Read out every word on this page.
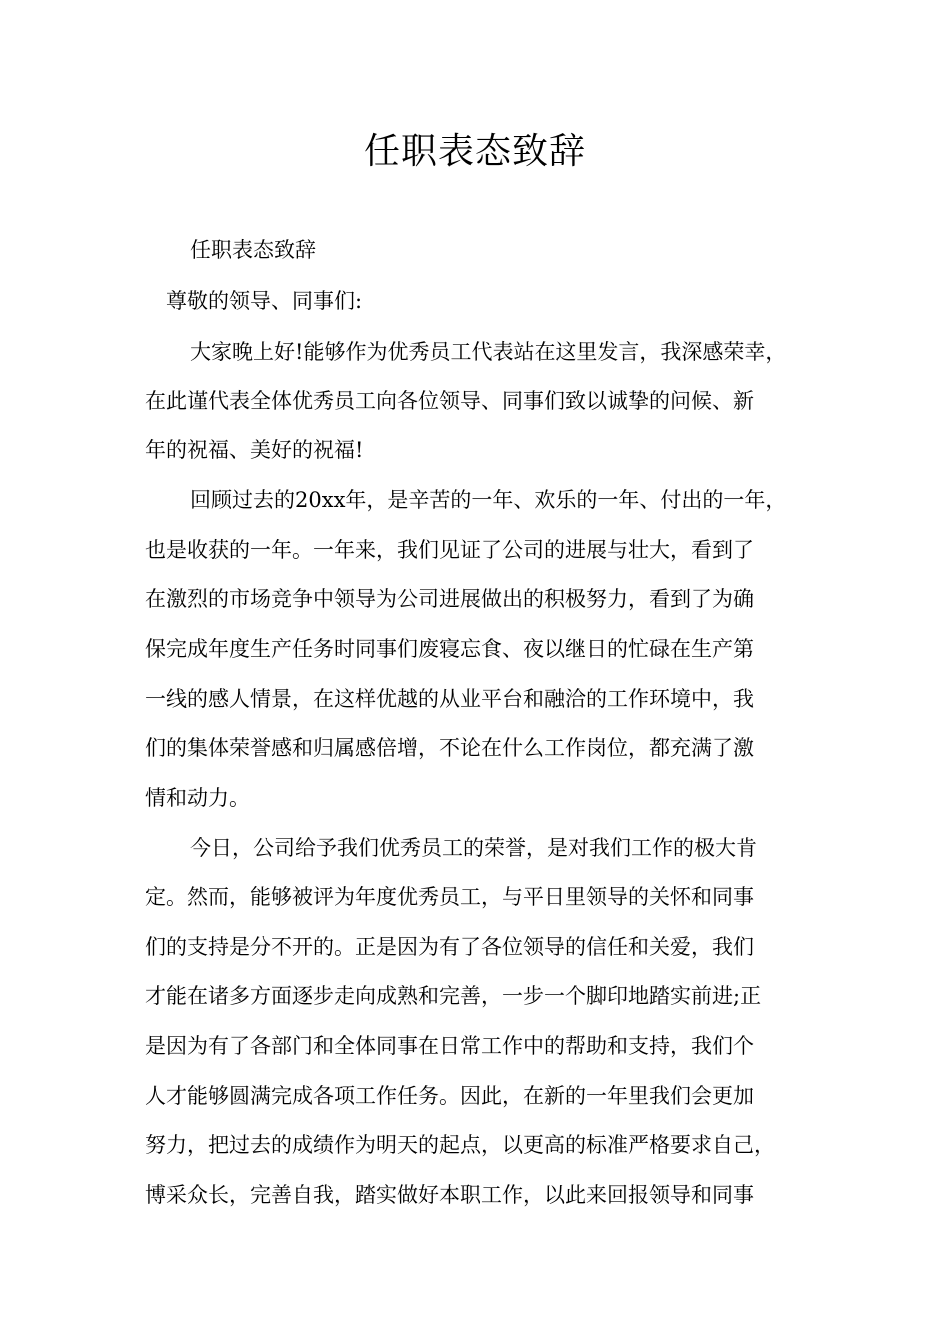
任职表态致辞
任职表态致辞
尊敬的领导、同事们:
大家晚上好!能够作为优秀员工代表站在这里发言，我深感荣幸，
在此谨代表全体优秀员工向各位领导、同事们致以诚挚的问候、新
年的祝福、美好的祝福!
回顾过去的20xx年，是辛苦的一年、欢乐的一年、付出的一年，
也是收获的一年。一年来，我们见证了公司的进展与壮大，看到了
在激烈的市场竞争中领导为公司进展做出的积极努力，看到了为确
保完成年度生产任务时同事们废寝忘食、夜以继日的忙碌在生产第
一线的感人情景，在这样优越的从业平台和融洽的工作环境中，我
们的集体荣誉感和归属感倍增，不论在什么工作岗位，都充满了激
情和动力。
今日，公司给予我们优秀员工的荣誉，是对我们工作的极大肯
定。然而，能够被评为年度优秀员工，与平日里领导的关怀和同事
们的支持是分不开的。正是因为有了各位领导的信任和关爱，我们
才能在诸多方面逐步走向成熟和完善，一步一个脚印地踏实前进;正
是因为有了各部门和全体同事在日常工作中的帮助和支持，我们个
人才能够圆满完成各项工作任务。因此，在新的一年里我们会更加
努力，把过去的成绩作为明天的起点，以更高的标准严格要求自己，
博采众长，完善自我，踏实做好本职工作，以此来回报领导和同事
